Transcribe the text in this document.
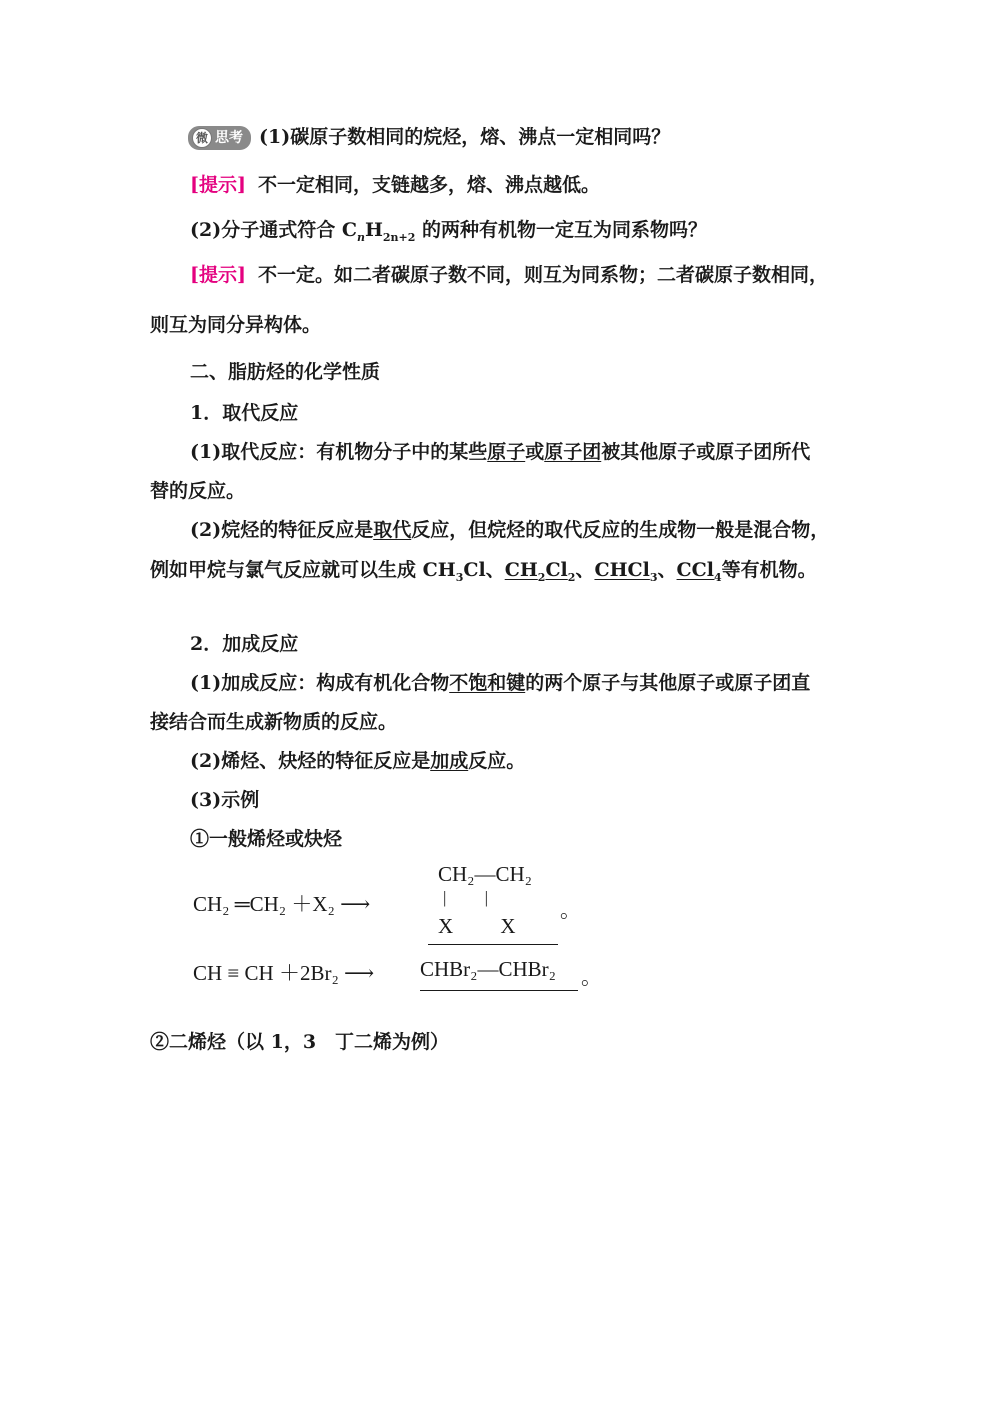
微 思考 (1)碳原子数相同的烷烃，熔、沸点一定相同吗？
[提示] 不一定相同，支链越多，熔、沸点越低。
(2)分子通式符合 $C_nH_{2n+2}$ 的两种有机物一定互为同系物吗？
[提示] 不一定。如二者碳原子数不同，则互为同系物；二者碳原子数相同，
则互为同分异构体。
二、脂肪烃的化学性质
1．取代反应
(1)取代反应：有机物分子中的某些原子或原子团被其他原子或原子团所代
替的反应。
(2)烷烃的特征反应是取代反应，但烷烃的取代反应的生成物一般是混合物，
例如甲烷与氯气反应就可以生成 $CH_3Cl$、$CH_2Cl_2$、CHCl$_3$、CCl$_4$等有机物。
2．加成反应
(1)加成反应：构成有机化合物不饱和键的两个原子与其他原子或原子团直
接结合而生成新物质的反应。
(2)烯烃、炔烃的特征反应是加成反应。
(3)示例
①一般烯烃或炔烃
CH₂ ═CH₂ ＋X₂ ⟶
CH₂—CH₂
|         |
X         X
。
CH ≡ CH ＋2Br₂ ⟶ CHBr₂—CHBr₂ 。
②二烯烃（以 1，3　丁二烯为例）
